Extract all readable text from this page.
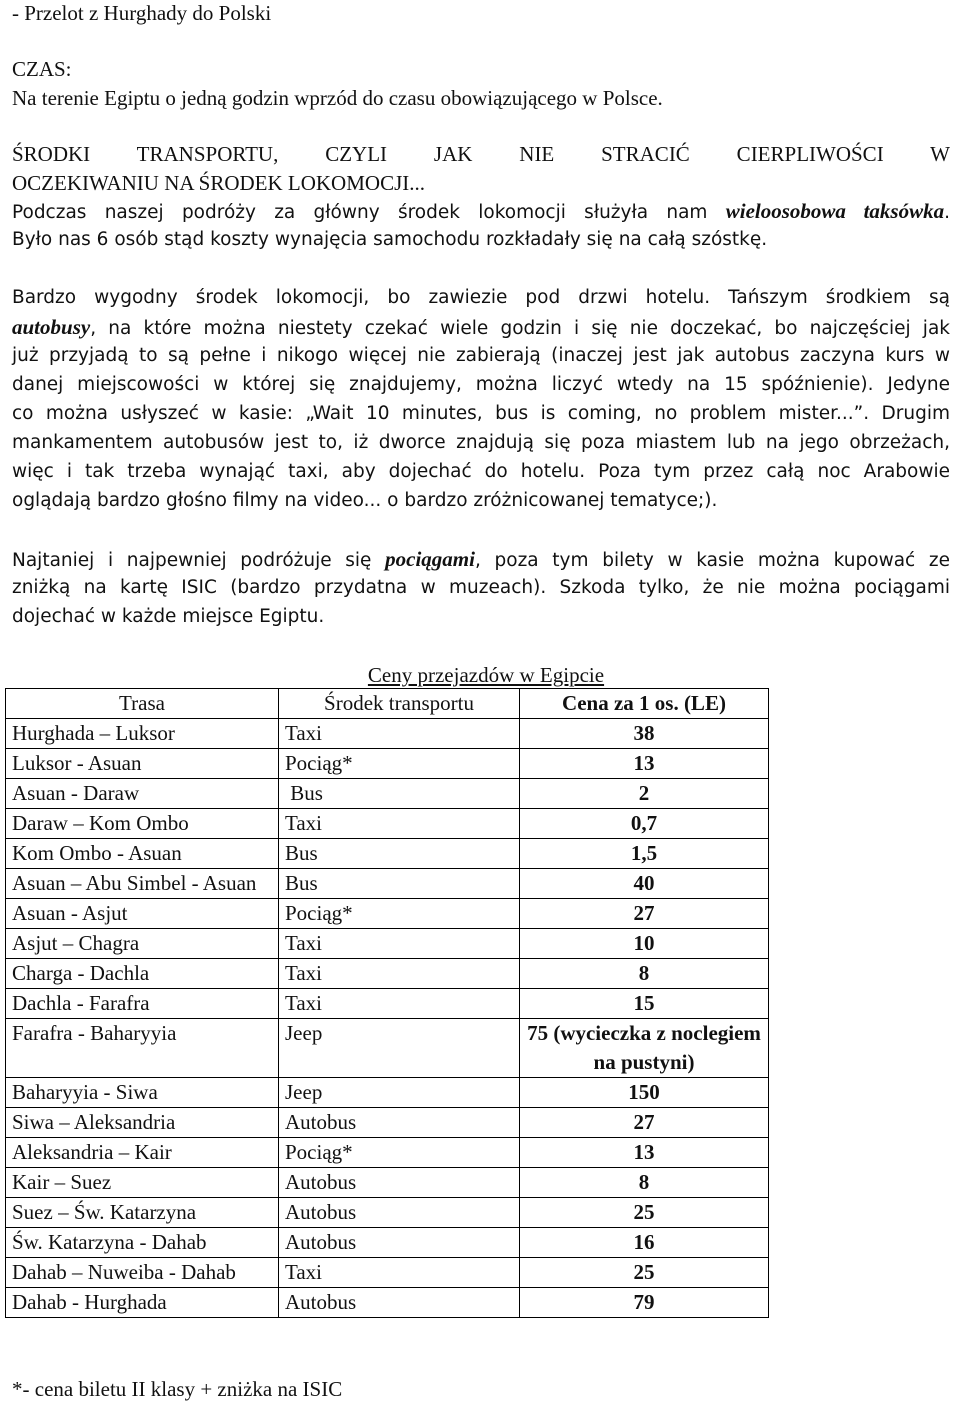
- Przelot z Hurghady do Polski
CZAS:
Na terenie Egiptu o jedną godzin wprzód do czasu obowiązującego w Polsce.
ŚRODKI TRANSPORTU, CZYLI JAK NIE STRACIĆ CIERPLIWOŚCI W
OCZEKIWANIU NA ŚRODEK LOKOMOCJI...
Podczas naszej podróży za główny środek lokomocji służyła nam wieloosobowa taksówka.
Było nas 6 osób stąd koszty wynajęcia samochodu rozkładały się na całą szóstkę.
Bardzo wygodny środek lokomocji, bo zawiezie pod drzwi hotelu. Tańszym środkiem są
autobusy, na które można niestety czekać wiele godzin i się nie doczekać, bo najczęściej jak
już przyjadą to są pełne i nikogo więcej nie zabierają (inaczej jest jak autobus zaczyna kurs w
danej miejscowości w której się znajdujemy, można liczyć wtedy na 15 spóźnienie). Jedyne
co można usłyszeć w kasie: „Wait 10 minutes, bus is coming, no problem mister...”. Drugim
mankamentem autobusów jest to, iż dworce znajdują się poza miastem lub na jego obrzeżach,
więc i tak trzeba wynająć taxi, aby dojechać do hotelu. Poza tym przez całą noc Arabowie
oglądają bardzo głośno filmy na video... o bardzo zróżnicowanej tematyce;).
Najtaniej i najpewniej podróżuje się pociągami, poza tym bilety w kasie można kupować ze
zniżką na kartę ISIC (bardzo przydatna w muzeach). Szkoda tylko, że nie można pociągami
dojechać w każde miejsce Egiptu.
Ceny przejazdów w Egipcie
Trasa	Środek transportu	Cena za 1 os. (LE)
Hurghada – Luksor	Taxi	38
Luksor - Asuan	Pociąg*	13
Asuan - Daraw	Bus	2
Daraw – Kom Ombo	Taxi	0,7
Kom Ombo - Asuan	Bus	1,5
Asuan – Abu Simbel - Asuan	Bus	40
Asuan - Asjut	Pociąg*	27
Asjut – Chagra	Taxi	10
Charga - Dachla	Taxi	8
Dachla - Farafra	Taxi	15
Farafra - Baharyyia	Jeep	75 (wycieczka z noclegiem na pustyni)
Baharyyia - Siwa	Jeep	150
Siwa – Aleksandria	Autobus	27
Aleksandria – Kair	Pociąg*	13
Kair – Suez	Autobus	8
Suez – Św. Katarzyna	Autobus	25
Św. Katarzyna - Dahab	Autobus	16
Dahab – Nuweiba - Dahab	Taxi	25
Dahab - Hurghada	Autobus	79
*- cena biletu II klasy + zniżka na ISIC
